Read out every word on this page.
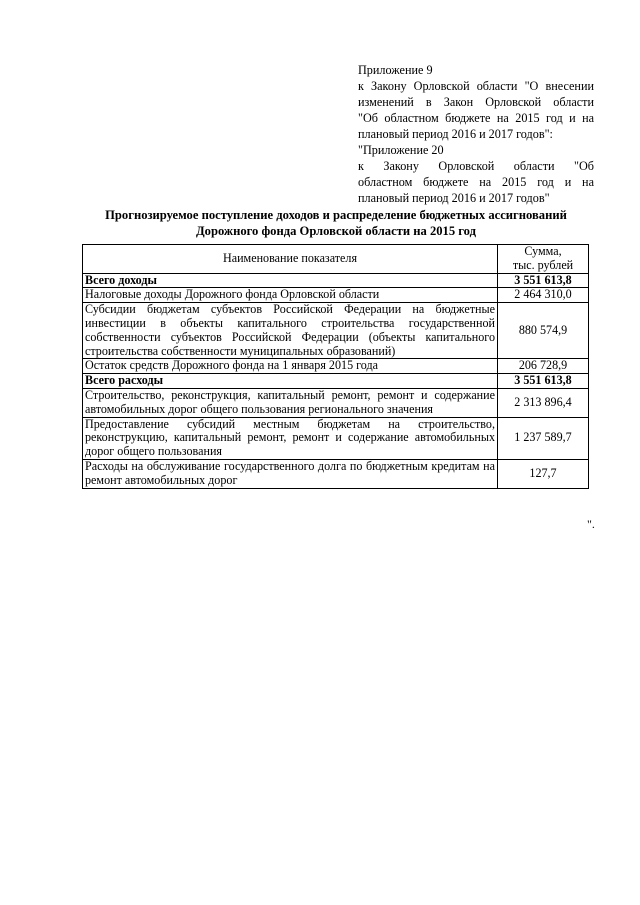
Приложение 9

к Закону Орловской области "О внесении

изменений в Закон Орловской области

"Об областном бюджете на 2015 год и на

плановый период 2016 и 2017 годов":

"Приложение 20

к Закону Орловской области "Об

областном бюджете на 2015 год и на

плановый период 2016 и 2017 годов"

Прогнозируемое поступление доходов и распределение бюджетных ассигнований
Дорожного фонда Орловской области на 2015 год
Наименование показателя	Сумма,
тыс. рублей

Всего доходы	3 551 613,8
Налоговые доходы Дорожного фонда Орловской области	2 464 310,0
Субсидии бюджетам субъектов Российской Федерации на бюджетные инвестиции в объекты капитального строительства государственной собственности субъектов Российской Федерации (объекты капитального строительства собственности муниципальных образований)	880 574,9
Остаток средств Дорожного фонда на 1 января 2015 года	206 728,9
Всего расходы	3 551 613,8
Строительство, реконструкция, капитальный ремонт, ремонт и содержание автомобильных дорог общего пользования регионального значения	2 313 896,4
Предоставление субсидий местным бюджетам на строительство, реконструкцию, капитальный ремонт, ремонт и содержание автомобильных дорог общего пользования	1 237 589,7
Расходы на обслуживание государственного долга по бюджетным кредитам на ремонт автомобильных дорог	127,7
".
